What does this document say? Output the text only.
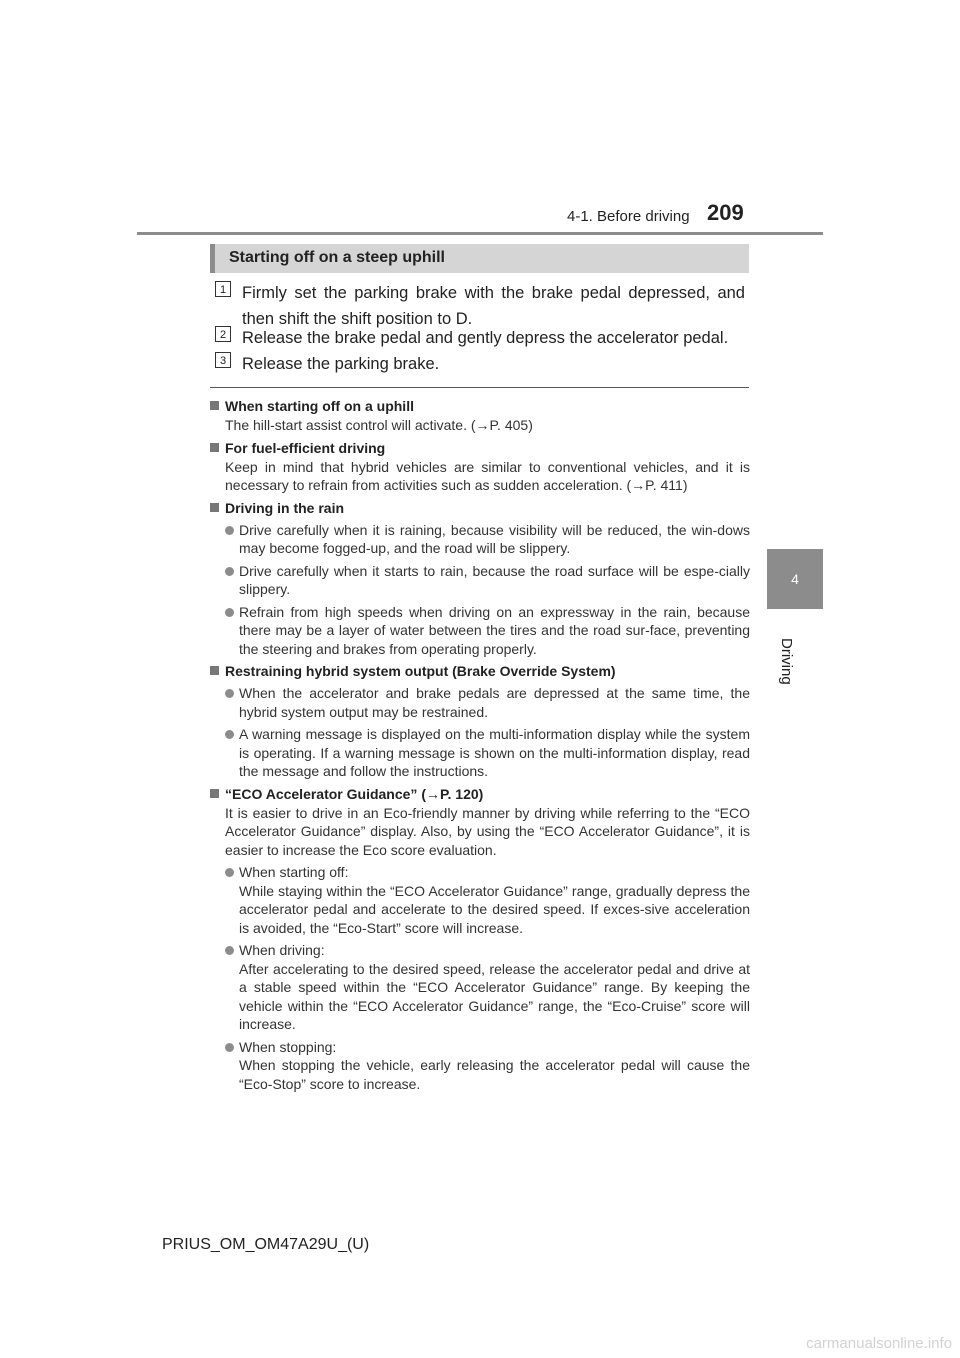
4-1. Before driving 209
4
Driving
Starting off on a steep uphill
1 Firmly set the parking brake with the brake pedal depressed, and then shift the shift position to D.
2 Release the brake pedal and gently depress the accelerator pedal.
3 Release the parking brake.

When starting off on a uphill

The hill-start assist control will activate. (→P. 405)

For fuel-efficient driving

Keep in mind that hybrid vehicles are similar to conventional vehicles, and it is necessary to refrain from activities such as sudden acceleration. (→P. 411)

Driving in the rain

Drive carefully when it is raining, because visibility will be reduced, the win-dows may become fogged-up, and the road will be slippery.
Drive carefully when it starts to rain, because the road surface will be espe-cially slippery.
Refrain from high speeds when driving on an expressway in the rain, because there may be a layer of water between the tires and the road sur-face, preventing the steering and brakes from operating properly.

Restraining hybrid system output (Brake Override System)

When the accelerator and brake pedals are depressed at the same time, the hybrid system output may be restrained.
A warning message is displayed on the multi-information display while the system is operating. If a warning message is shown on the multi-information display, read the message and follow the instructions.

“ECO Accelerator Guidance” (→P. 120)

It is easier to drive in an Eco-friendly manner by driving while referring to the “ECO Accelerator Guidance” display. Also, by using the “ECO Accelerator Guidance”, it is easier to increase the Eco score evaluation.

When starting off:
While staying within the “ECO Accelerator Guidance” range, gradually depress the accelerator pedal and accelerate to the desired speed. If exces-sive acceleration is avoided, the “Eco-Start” score will increase.
When driving:
After accelerating to the desired speed, release the accelerator pedal and drive at a stable speed within the “ECO Accelerator Guidance” range. By keeping the vehicle within the “ECO Accelerator Guidance” range, the “Eco-Cruise” score will increase.
When stopping:
When stopping the vehicle, early releasing the accelerator pedal will cause the “Eco-Stop” score to increase.
PRIUS_OM_OM47A29U_(U)
carmanualsonline.info
